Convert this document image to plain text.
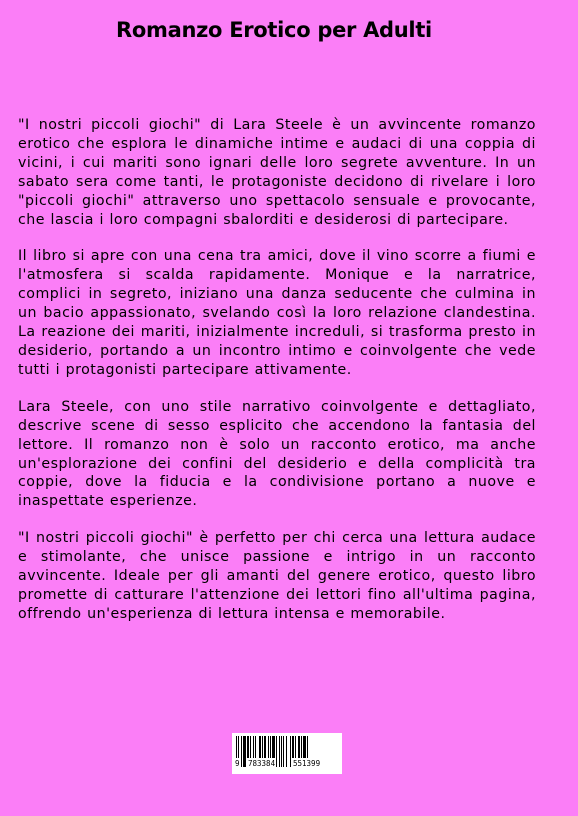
Romanzo Erotico per Adulti

"I nostri piccoli giochi" di Lara Steele è un avvincente romanzo erotico che esplora le dinamiche intime e audaci di una coppia di vicini, i cui mariti sono ignari delle loro segrete avventure. In un sabato sera come tanti, le protagoniste decidono di rivelare i loro "piccoli giochi" attraverso uno spettacolo sensuale e provocante, che lascia i loro compagni sbalorditi e desiderosi di partecipare.

Il libro si apre con una cena tra amici, dove il vino scorre a fiumi e l'atmosfera si scalda rapidamente. Monique e la narratrice, complici in segreto, iniziano una danza seducente che culmina in un bacio appassionato, svelando così la loro relazione clandestina. La reazione dei mariti, inizialmente increduli, si trasforma presto in desiderio, portando a un incontro intimo e coinvolgente che vede tutti i protagonisti partecipare attivamente.

Lara Steele, con uno stile narrativo coinvolgente e dettagliato, descrive scene di sesso esplicito che accendono la fantasia del lettore. Il romanzo non è solo un racconto erotico, ma anche un'esplorazione dei confini del desiderio e della complicità tra coppie, dove la fiducia e la condivisione portano a nuove e inaspettate esperienze.

"I nostri piccoli giochi" è perfetto per chi cerca una lettura audace e stimolante, che unisce passione e intrigo in un racconto avvincente. Ideale per gli amanti del genere erotico, questo libro promette di catturare l'attenzione dei lettori fino all'ultima pagina, offrendo un'esperienza di lettura intensa e memorabile.

9 783384 551399
